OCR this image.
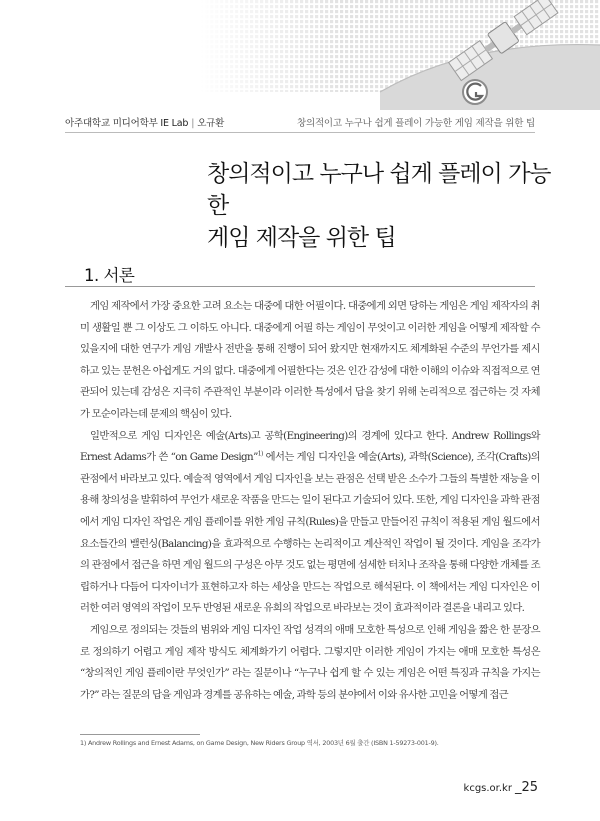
아주대학교 미디어학부 IE Lab | 오규환	창의적이고 누구나 쉽게 플레이 가능한 게임 제작을 위한 팁
창의적이고 누구나 쉽게 플레이 가능한
게임 제작을 위한 팁
1. 서론

게임 제작에서 가장 중요한 고려 요소는 대중에 대한 어필이다. 대중에게 외면 당하는 게임은 게임 제작자의 취미 생활일 뿐 그 이상도 그 이하도 아니다. 대중에게 어필 하는 게임이 무엇이고 이러한 게임을 어떻게 제작할 수 있을지에 대한 연구가 게임 개발사 전반을 통해 진행이 되어 왔지만 현재까지도 체계화된 수준의 무언가를 제시하고 있는 문헌은 아쉽게도 거의 없다. 대중에게 어필한다는 것은 인간 감성에 대한 이해의 이슈와 직접적으로 연관되어 있는데 감성은 지극히 주관적인 부분이라 이러한 특성에서 답을 찾기 위해 논리적으로 접근하는 것 자체가 모순이라는데 문제의 핵심이 있다.

일반적으로 게임 디자인은 예술(Arts)고 공학(Engineering)의 경계에 있다고 한다. Andrew Rollings와 Ernest Adams가 쓴 “on Game Design”$^{1)}$ 에서는 게임 디자인을 예술(Arts), 과학(Science), 조각(Crafts)의 관점에서 바라보고 있다. 예술적 영역에서 게임 디자인을 보는 관점은 선택 받은 소수가 그들의 특별한 재능을 이용해 창의성을 발휘하여 무언가 새로운 작품을 만드는 일이 된다고 기술되어 있다. 또한, 게임 디자인을 과학 관점에서 게임 디자인 작업은 게임 플레이를 위한 게임 규칙(Rules)을 만들고 만들어진 규칙이 적용된 게임 월드에서 요소들간의 밸런싱(Balancing)을 효과적으로 수행하는 논리적이고 계산적인 작업이 될 것이다. 게임을 조각가의 관점에서 접근을 하면 게임 월드의 구성은 아무 것도 없는 평면에 섬세한 터치나 조작을 통해 다양한 개체를 조립하거나 다듬어 디자이너가 표현하고자 하는 세상을 만드는 작업으로 해석된다. 이 책에서는 게임 디자인은 이러한 여러 영역의 작업이 모두 반영된 새로운 유희의 작업으로 바라보는 것이 효과적이라 결론을 내리고 있다.

게임으로 정의되는 것들의 범위와 게임 디자인 작업 성격의 애매 모호한 특성으로 인해 게임을 짧은 한 문장으로 정의하기 어렵고 게임 제작 방식도 체계화가기 어렵다. 그렇지만 이러한 게임이 가지는 애매 모호한 특성은 “창의적인 게임 플레이란 무엇인가” 라는 질문이나 “누구나 쉽게 할 수 있는 게임은 어떤 특징과 규칙을 가지는가?” 라는 질문의 답을 게임과 경계를 공유하는 예술, 과학 등의 분야에서 이와 유사한 고민을 어떻게 접근

1) Andrew Rollings and Ernest Adams, on Game Design, New Riders Group 역서, 2003년 6월 출간 (ISBN 1-59273-001-9).
kcgs.or.kr _25
